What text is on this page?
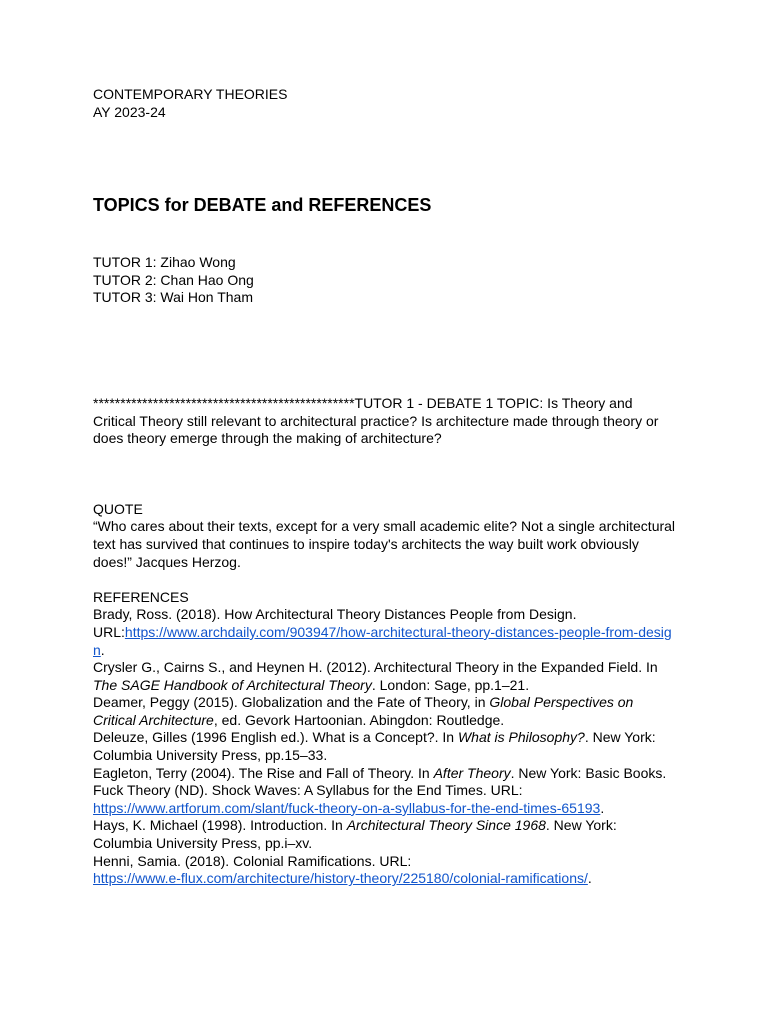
CONTEMPORARY THEORIES
AY 2023-24
TOPICS for DEBATE and REFERENCES
TUTOR 1: Zihao Wong
TUTOR 2: Chan Hao Ong
TUTOR 3: Wai Hon Tham

************************************************TUTOR 1 - DEBATE 1 TOPIC: Is Theory and Critical Theory still relevant to architectural practice? Is architecture made through theory or does theory emerge through the making of architecture?

QUOTE

“Who cares about their texts, except for a very small academic elite? Not a single architectural text has survived that continues to inspire today's architects the way built work obviously does!” Jacques Herzog.

REFERENCES

Brady, Ross. (2018). How Architectural Theory Distances People from Design.
URL:https://www.archdaily.com/903947/how-architectural-theory-distances-people-from-design.

Crysler G., Cairns S., and Heynen H. (2012). Architectural Theory in the Expanded Field. In The SAGE Handbook of Architectural Theory. London: Sage, pp.1–21.

Deamer, Peggy (2015). Globalization and the Fate of Theory, in Global Perspectives on Critical Architecture, ed. Gevork Hartoonian. Abingdon: Routledge.

Deleuze, Gilles (1996 English ed.). What is a Concept?. In What is Philosophy?. New York: Columbia University Press, pp.15–33.

Eagleton, Terry (2004). The Rise and Fall of Theory. In After Theory. New York: Basic Books.

Fuck Theory (ND). Shock Waves: A Syllabus for the End Times. URL:
https://www.artforum.com/slant/fuck-theory-on-a-syllabus-for-the-end-times-65193.

Hays, K. Michael (1998). Introduction. In Architectural Theory Since 1968. New York: Columbia University Press, pp.i–xv.

Henni, Samia. (2018). Colonial Ramifications. URL:
https://www.e-flux.com/architecture/history-theory/225180/colonial-ramifications/.
